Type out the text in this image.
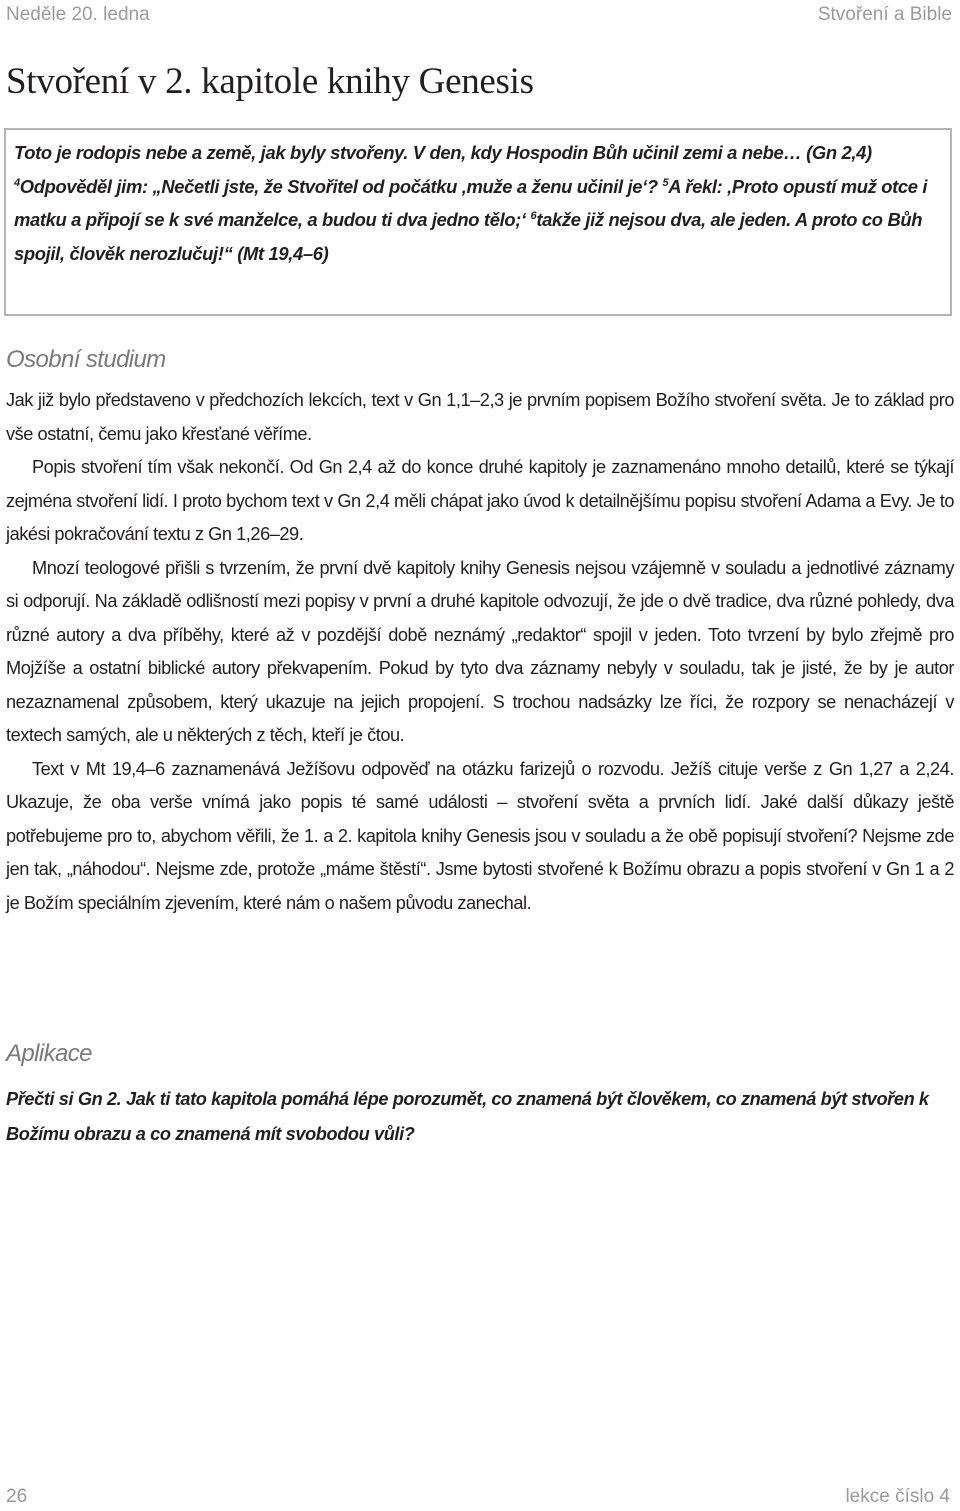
Neděle 20. ledna	Stvoření a Bible
Stvoření v 2. kapitole knihy Genesis

Toto je rodopis nebe a země, jak byly stvořeny. V den, kdy Hospodin Bůh učinil zemi a nebe… (Gn 2,4)

$^4$Odpověděl jim: „Nečetli jste, že Stvořitel od počátku ‚muže a ženu učinil je‘? $^5$A řekl: ‚Proto opustí muž otce i matku a připojí se k své manželce, a budou ti dva jedno tělo;‘ $^6$takže již nejsou dva, ale jeden. A proto co Bůh spojil, člověk nerozlučuj!“ (Mt 19,4–6)

Osobní studium

Jak již bylo představeno v předchozích lekcích, text v Gn 1,1–2,3 je prvním popisem Božího stvoření světa. Je to základ pro vše ostatní, čemu jako křesťané věříme.

Popis stvoření tím však nekončí. Od Gn 2,4 až do konce druhé kapitoly je zaznamenáno mnoho detailů, které se týkají zejména stvoření lidí. I proto bychom text v Gn 2,4 měli chápat jako úvod k detailnějšímu popisu stvoření Adama a Evy. Je to jakési pokračování textu z Gn 1,26–29.

Mnozí teologové přišli s tvrzením, že první dvě kapitoly knihy Genesis nejsou vzájemně v souladu a jednotlivé záznamy si odporují. Na základě odlišností mezi popisy v první a druhé kapitole odvozují, že jde o dvě tradice, dva různé pohledy, dva různé autory a dva příběhy, které až v pozdější době neznámý „redaktor“ spojil v jeden. Toto tvrzení by bylo zřejmě pro Mojžíše a ostatní biblické autory překvapením. Pokud by tyto dva záznamy nebyly v souladu, tak je jisté, že by je autor nezaznamenal způsobem, který ukazuje na jejich propojení. S trochou nadsázky lze říci, že rozpory se nenacházejí v textech samých, ale u některých z těch, kteří je čtou.

Text v Mt 19,4–6 zaznamenává Ježíšovu odpověď na otázku farizejů o rozvodu. Ježíš cituje verše z Gn 1,27 a 2,24. Ukazuje, že oba verše vnímá jako popis té samé události – stvoření světa a prvních lidí. Jaké další důkazy ještě potřebujeme pro to, abychom věřili, že 1. a 2. kapitola knihy Genesis jsou v souladu a že obě popisují stvoření? Nejsme zde jen tak, „náhodou“. Nejsme zde, protože „máme štěstí“. Jsme bytosti stvořené k Božímu obrazu a popis stvoření v Gn 1 a 2 je Božím speciálním zjevením, které nám o našem původu zanechal.

Aplikace

Přečti si Gn 2. Jak ti tato kapitola pomáhá lépe porozumět, co znamená být člověkem, co znamená být stvořen k Božímu obrazu a co znamená mít svobodou vůli?

26	lekce číslo 4
